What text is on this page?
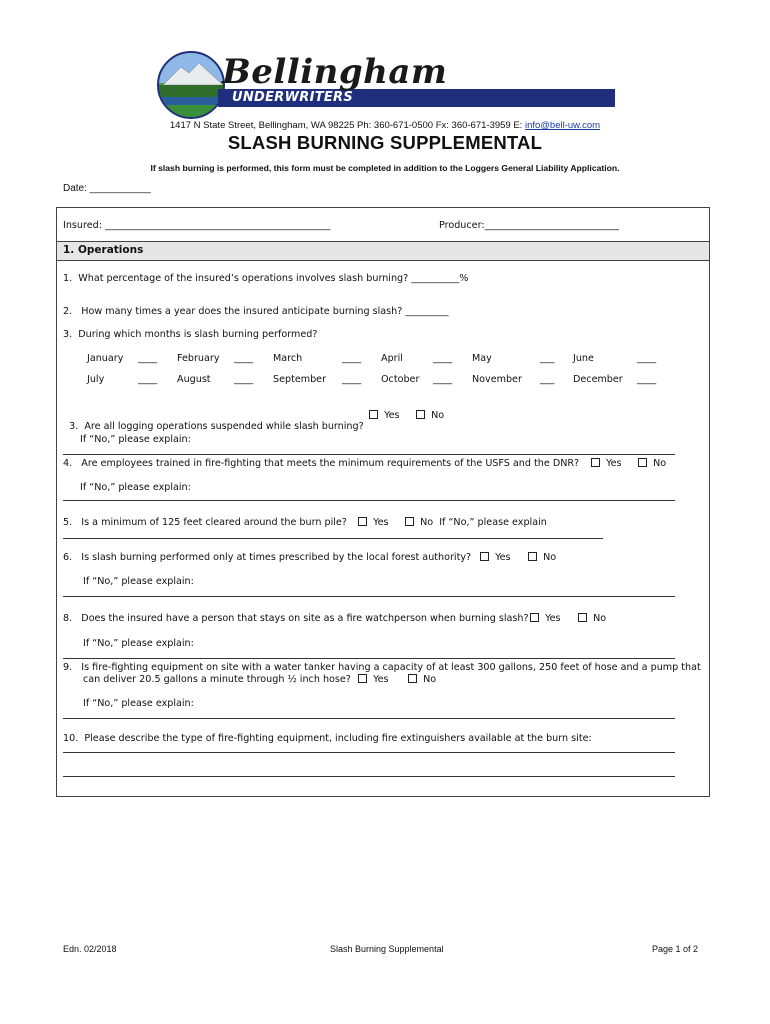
UNDERWRITERS
Bellingham
1417 N State Street, Bellingham, WA 98225 Ph: 360-671-0500 Fx: 360-671-3959 E: info@bell-uw.com
SLASH BURNING SUPPLEMENTAL
If slash burning is performed, this form must be completed in addition to the Loggers General Liability Application.
Date: ___________
Insured: _______________________________________________	Producer:____________________________
1. Operations
1.  What percentage of the insured’s operations involves slash burning? __________%
2.   How many times a year does the insured anticipate burning slash? _________
3.  During which months is slash burning performed?
January ____ February ____ March	____ April	____ May	___ June	____
July	____ August ____ September ____ October ____ November ___ December ____

3.  Are all logging operations suspended while slash burning?

Yes	No
If “No,” please explain:
4.   Are employees trained in fire-fighting that meets the minimum requirements of the USFS and the DNR?	Yes	No
If “No,” please explain:
5.   Is a minimum of 125 feet cleared around the burn pile?	Yes	No  If “No,” please explain
6.   Is slash burning performed only at times prescribed by the local forest authority?	Yes	No
If “No,” please explain:
8.   Does the insured have a person that stays on site as a fire watchperson when burning slash?	Yes	No
If “No,” please explain:
9.   Is fire-fighting equipment on site with a water tanker having a capacity of at least 300 gallons, 250 feet of hose and a pump that
can deliver 20.5 gallons a minute through ½ inch hose?	Yes	No
If “No,” please explain:
10.  Please describe the type of fire-fighting equipment, including fire extinguishers available at the burn site:
Edn. 02/2018	Slash Burning Supplemental	Page 1 of 2
